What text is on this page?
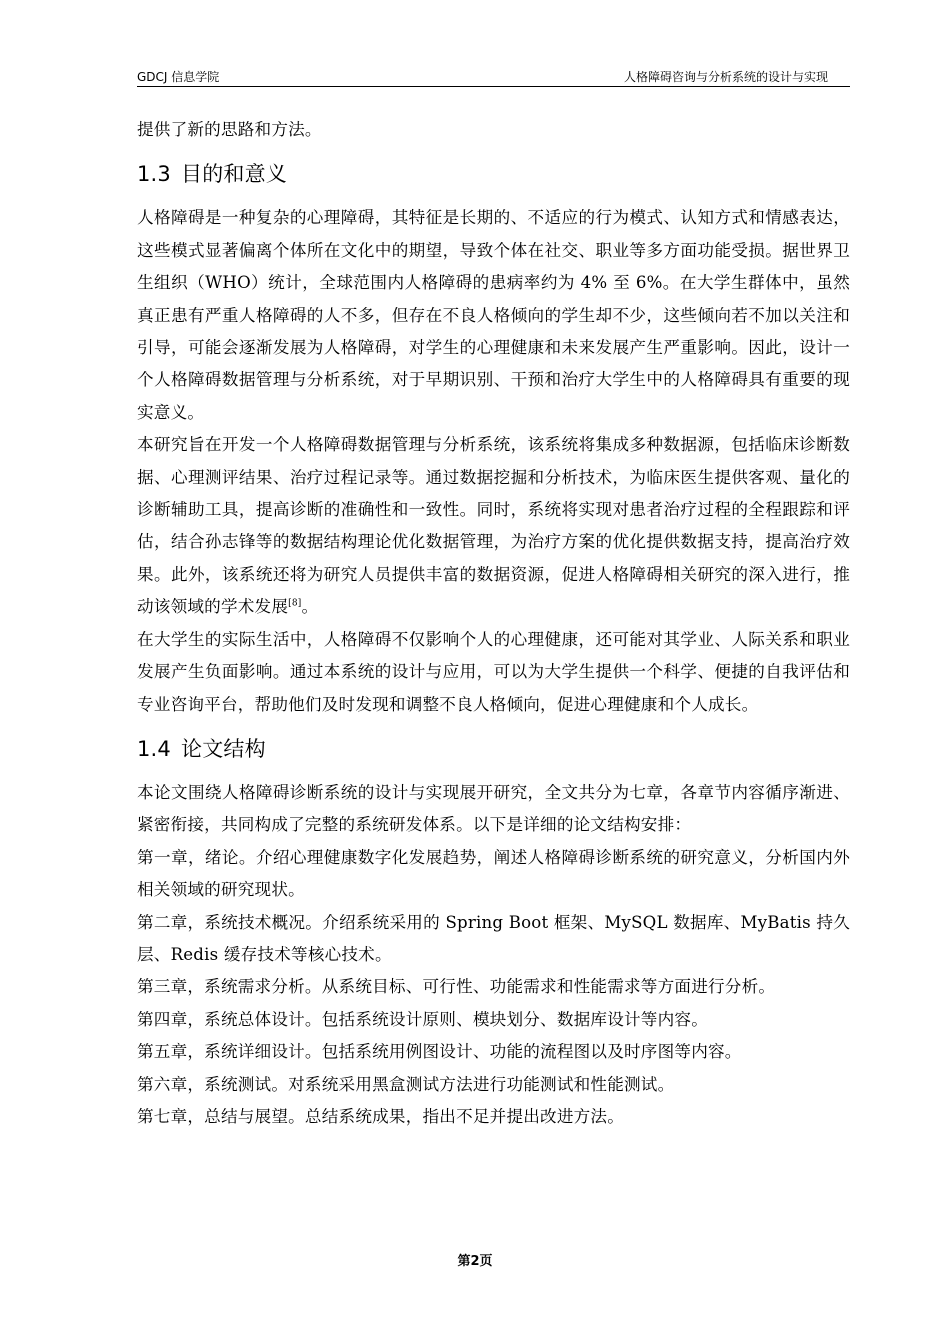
GDCJ 信息学院	人格障碍咨询与分析系统的设计与实现

提供了新的思路和方法。

1.3 目的和意义

人格障碍是一种复杂的心理障碍，其特征是长期的、不适应的行为模式、认知方式和情感表达，这些模式显著偏离个体所在文化中的期望，导致个体在社交、职业等多方面功能受损。据世界卫生组织（WHO）统计，全球范围内人格障碍的患病率约为 4% 至 6%。在大学生群体中，虽然真正患有严重人格障碍的人不多，但存在不良人格倾向的学生却不少，这些倾向若不加以关注和引导，可能会逐渐发展为人格障碍，对学生的心理健康和未来发展产生严重影响。因此，设计一个人格障碍数据管理与分析系统，对于早期识别、干预和治疗大学生中的人格障碍具有重要的现实意义。

本研究旨在开发一个人格障碍数据管理与分析系统，该系统将集成多种数据源，包括临床诊断数据、心理测评结果、治疗过程记录等。通过数据挖掘和分析技术，为临床医生提供客观、量化的诊断辅助工具，提高诊断的准确性和一致性。同时，系统将实现对患者治疗过程的全程跟踪和评估，结合孙志锋等的数据结构理论优化数据管理，为治疗方案的优化提供数据支持，提高治疗效果。此外，该系统还将为研究人员提供丰富的数据资源，促进人格障碍相关研究的深入进行，推动该领域的学术发展[8]。

在大学生的实际生活中，人格障碍不仅影响个人的心理健康，还可能对其学业、人际关系和职业发展产生负面影响。通过本系统的设计与应用，可以为大学生提供一个科学、便捷的自我评估和专业咨询平台，帮助他们及时发现和调整不良人格倾向，促进心理健康和个人成长。

1.4 论文结构

本论文围绕人格障碍诊断系统的设计与实现展开研究，全文共分为七章，各章节内容循序渐进、紧密衔接，共同构成了完整的系统研发体系。以下是详细的论文结构安排：

第一章，绪论。介绍心理健康数字化发展趋势，阐述人格障碍诊断系统的研究意义，分析国内外相关领域的研究现状。

第二章，系统技术概况。介绍系统采用的 Spring Boot 框架、MySQL 数据库、MyBatis 持久层、Redis 缓存技术等核心技术。

第三章，系统需求分析。从系统目标、可行性、功能需求和性能需求等方面进行分析。

第四章，系统总体设计。包括系统设计原则、模块划分、数据库设计等内容。

第五章，系统详细设计。包括系统用例图设计、功能的流程图以及时序图等内容。

第六章，系统测试。对系统采用黑盒测试方法进行功能测试和性能测试。

第七章，总结与展望。总结系统成果，指出不足并提出改进方法。

第2页
